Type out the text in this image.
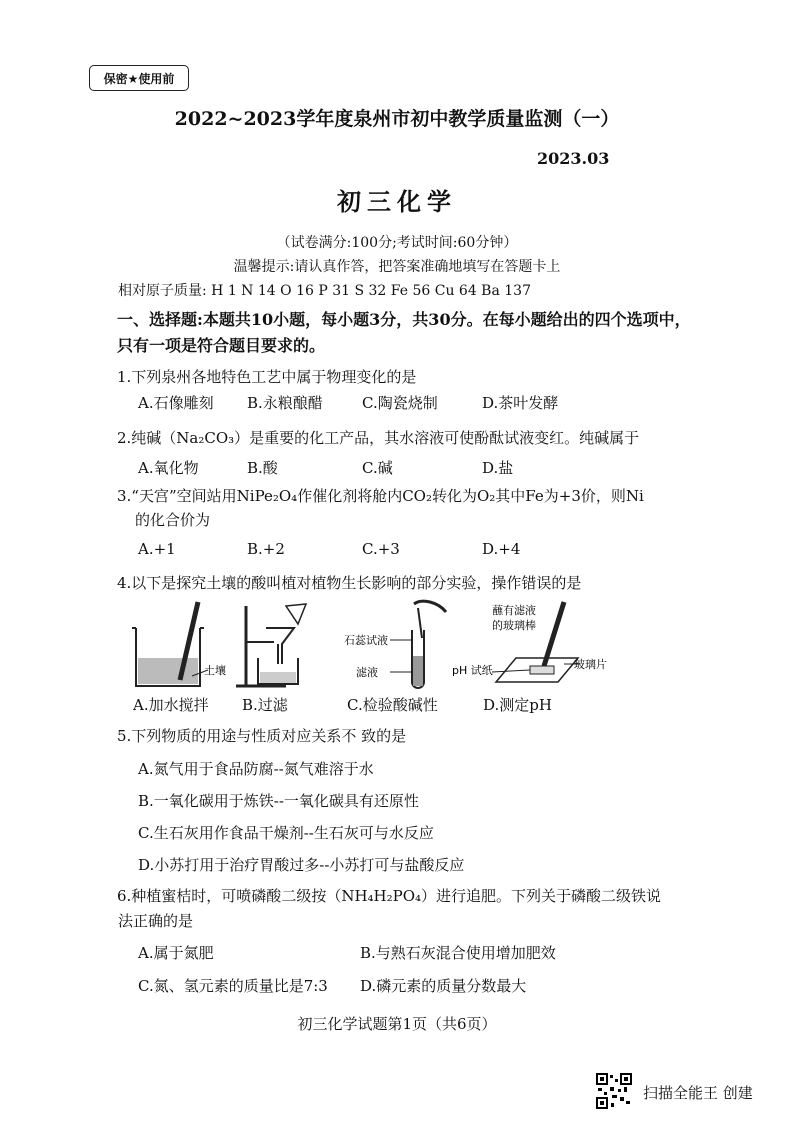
保密★使用前
2022~2023学年度泉州市初中教学质量监测（一）
2023.03
初三化学
（试卷满分:100分;考试时间:60分钟）
温馨提示:请认真作答，把答案准确地填写在答题卡上
相对原子质量: H 1 N 14 O 16 P 31 S 32 Fe 56 Cu 64 Ba 137
一、选择题:本题共10小题，每小题3分，共30分。在每小题给出的四个选项中，
只有一项是符合题目要求的。
1.下列泉州各地特色工艺中属于物理变化的是
A.石像雕刻 B.永粮酿醋	C.陶瓷烧制	D.茶叶发酵
2.纯碱（Na₂CO₃）是重要的化工产品，其水溶液可使酚酞试液变红。纯碱属于
A.氧化物	B.酸	C.碱	D.盐
3.“天宫”空间站用NiPe₂O₄作催化剂将舱内CO₂转化为O₂其中Fe为+3价，则Ni
的化合价为
A.+1	B.+2	C.+3	D.+4
4.以下是探究土壤的酸叫植对植物生长影响的部分实验，操作错误的是
土壤
石蕊试液
滤液
蘸有滤液
的玻璃棒
pH 试纸	玻璃片
A.加水搅拌 B.过滤	C.检验酸碱性	D.测定pH
5.下列物质的用途与性质对应关系不 致的是
A.氮气用于食品防腐--氮气难溶于水
B.一氧化碳用于炼铁--一氧化碳具有还原性
C.生石灰用作食品干燥剂--生石灰可与水反应
D.小苏打用于治疗胃酸过多--小苏打可与盐酸反应
6.种植蜜桔时，可喷磷酸二级按（NH₄H₂PO₄）进行追肥。下列关于磷酸二级铁说
法正确的是
A.属于氮肥	B.与熟石灰混合使用增加肥效
C.氮、氢元素的质量比是7:3 D.磷元素的质量分数最大
初三化学试题第1页（共6页）
扫描全能王 创建
